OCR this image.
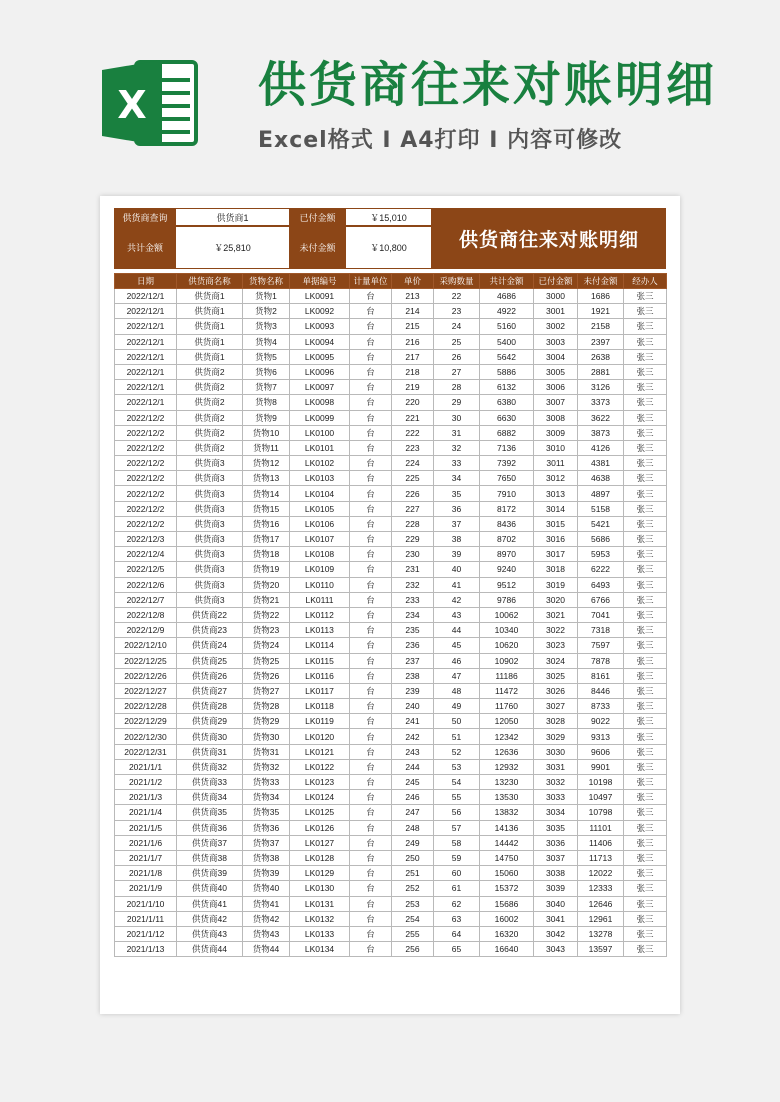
X 供货商往来对账明细
Excel格式 I A4打印 I 内容可修改
供货商查询	供货商1	已付金额	￥15,010
共计金额	￥25,810	未付金额	￥10,800	供货商往来对账明细
日期	供货商名称	货物名称	单据编号	计量单位	单价	采购数量	共计金额	已付金额	未付金额	经办人
2022/12/1	供货商1	货物1	LK0091	台	213	22	4686	3000	1686	张三
2022/12/1	供货商1	货物2	LK0092	台	214	23	4922	3001	1921	张三
2022/12/1	供货商1	货物3	LK0093	台	215	24	5160	3002	2158	张三
2022/12/1	供货商1	货物4	LK0094	台	216	25	5400	3003	2397	张三
2022/12/1	供货商1	货物5	LK0095	台	217	26	5642	3004	2638	张三
2022/12/1	供货商2	货物6	LK0096	台	218	27	5886	3005	2881	张三
2022/12/1	供货商2	货物7	LK0097	台	219	28	6132	3006	3126	张三
2022/12/1	供货商2	货物8	LK0098	台	220	29	6380	3007	3373	张三
2022/12/2	供货商2	货物9	LK0099	台	221	30	6630	3008	3622	张三
2022/12/2	供货商2	货物10	LK0100	台	222	31	6882	3009	3873	张三
2022/12/2	供货商2	货物11	LK0101	台	223	32	7136	3010	4126	张三
2022/12/2	供货商3	货物12	LK0102	台	224	33	7392	3011	4381	张三
2022/12/2	供货商3	货物13	LK0103	台	225	34	7650	3012	4638	张三
2022/12/2	供货商3	货物14	LK0104	台	226	35	7910	3013	4897	张三
2022/12/2	供货商3	货物15	LK0105	台	227	36	8172	3014	5158	张三
2022/12/2	供货商3	货物16	LK0106	台	228	37	8436	3015	5421	张三
2022/12/3	供货商3	货物17	LK0107	台	229	38	8702	3016	5686	张三
2022/12/4	供货商3	货物18	LK0108	台	230	39	8970	3017	5953	张三
2022/12/5	供货商3	货物19	LK0109	台	231	40	9240	3018	6222	张三
2022/12/6	供货商3	货物20	LK0110	台	232	41	9512	3019	6493	张三
2022/12/7	供货商3	货物21	LK0111	台	233	42	9786	3020	6766	张三
2022/12/8	供货商22	货物22	LK0112	台	234	43	10062	3021	7041	张三
2022/12/9	供货商23	货物23	LK0113	台	235	44	10340	3022	7318	张三
2022/12/10	供货商24	货物24	LK0114	台	236	45	10620	3023	7597	张三
2022/12/25	供货商25	货物25	LK0115	台	237	46	10902	3024	7878	张三
2022/12/26	供货商26	货物26	LK0116	台	238	47	11186	3025	8161	张三
2022/12/27	供货商27	货物27	LK0117	台	239	48	11472	3026	8446	张三
2022/12/28	供货商28	货物28	LK0118	台	240	49	11760	3027	8733	张三
2022/12/29	供货商29	货物29	LK0119	台	241	50	12050	3028	9022	张三
2022/12/30	供货商30	货物30	LK0120	台	242	51	12342	3029	9313	张三
2022/12/31	供货商31	货物31	LK0121	台	243	52	12636	3030	9606	张三
2021/1/1	供货商32	货物32	LK0122	台	244	53	12932	3031	9901	张三
2021/1/2	供货商33	货物33	LK0123	台	245	54	13230	3032	10198	张三
2021/1/3	供货商34	货物34	LK0124	台	246	55	13530	3033	10497	张三
2021/1/4	供货商35	货物35	LK0125	台	247	56	13832	3034	10798	张三
2021/1/5	供货商36	货物36	LK0126	台	248	57	14136	3035	11101	张三
2021/1/6	供货商37	货物37	LK0127	台	249	58	14442	3036	11406	张三
2021/1/7	供货商38	货物38	LK0128	台	250	59	14750	3037	11713	张三
2021/1/8	供货商39	货物39	LK0129	台	251	60	15060	3038	12022	张三
2021/1/9	供货商40	货物40	LK0130	台	252	61	15372	3039	12333	张三
2021/1/10	供货商41	货物41	LK0131	台	253	62	15686	3040	12646	张三
2021/1/11	供货商42	货物42	LK0132	台	254	63	16002	3041	12961	张三
2021/1/12	供货商43	货物43	LK0133	台	255	64	16320	3042	13278	张三
2021/1/13	供货商44	货物44	LK0134	台	256	65	16640	3043	13597	张三
